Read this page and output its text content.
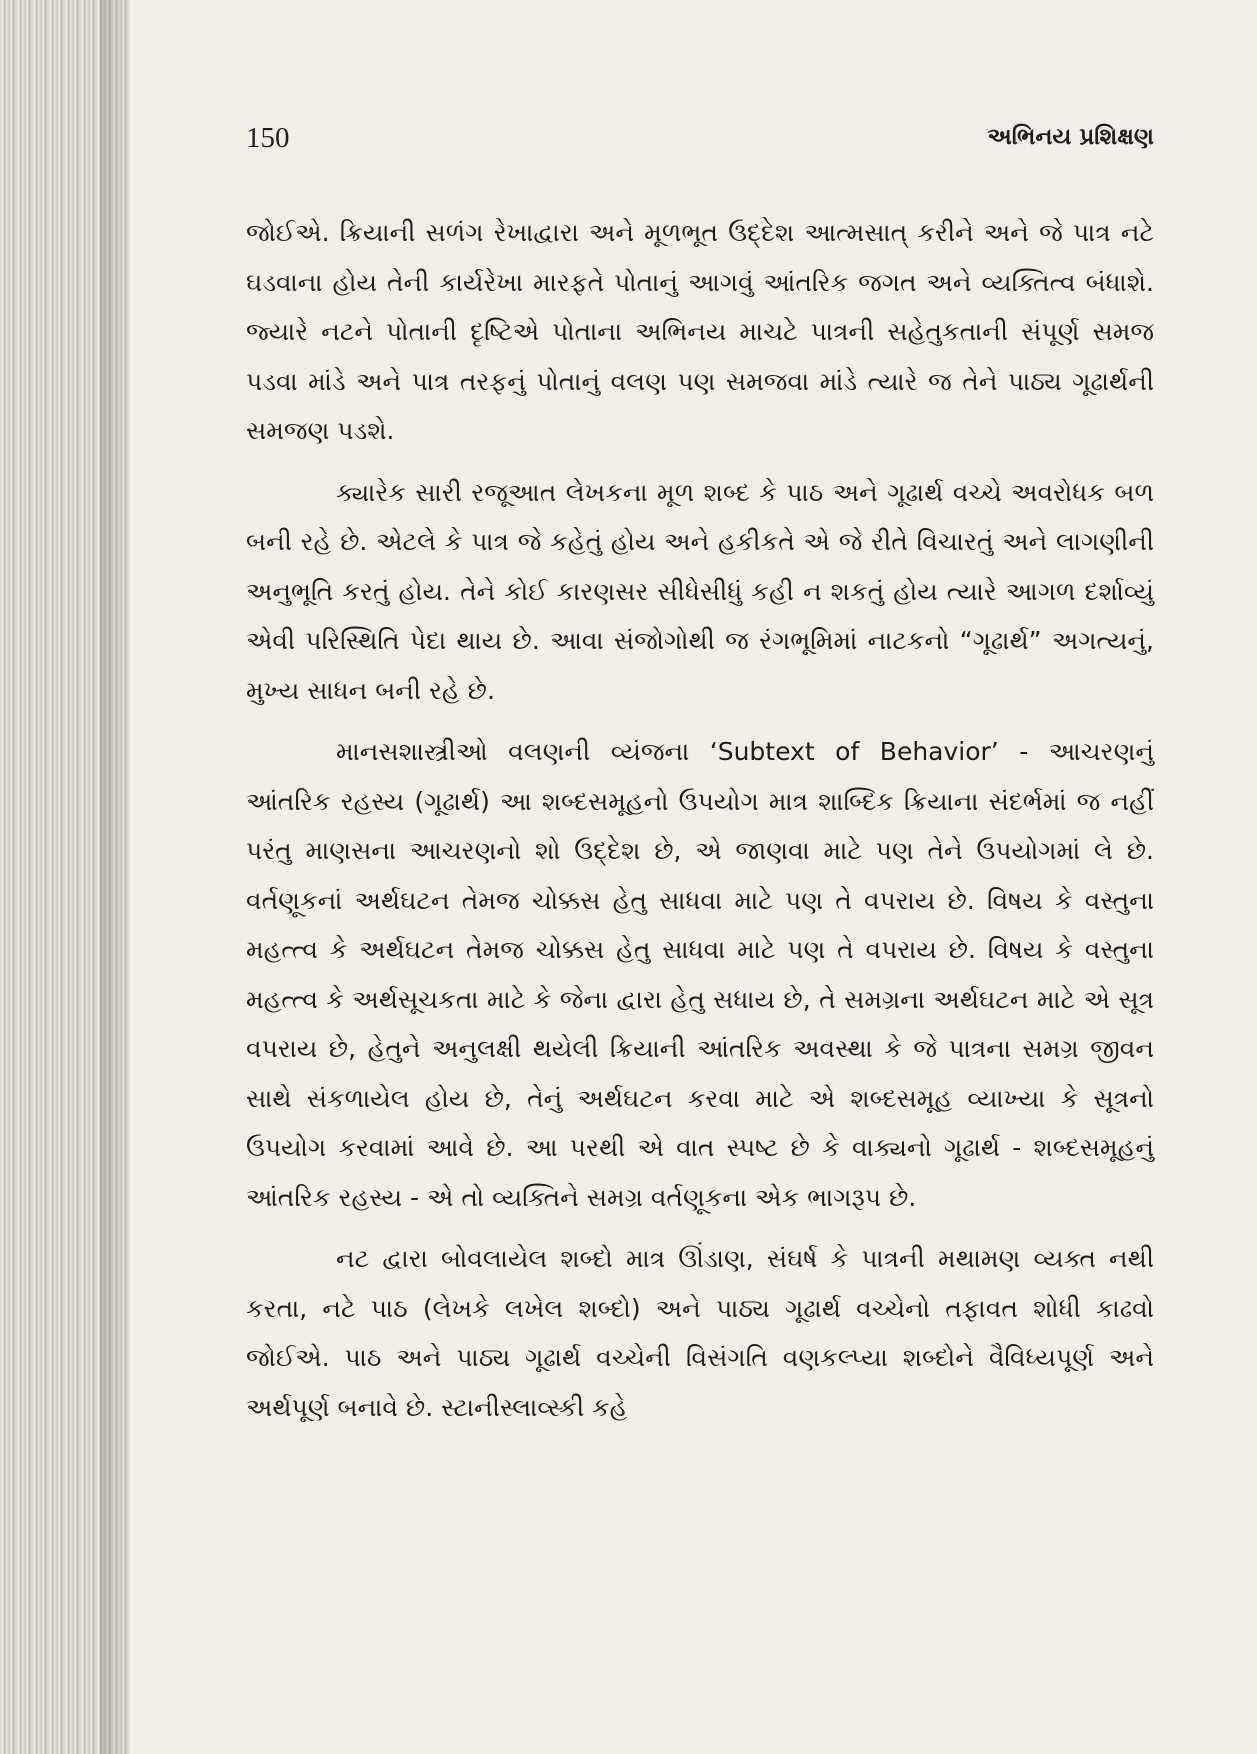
150	અભિનય પ્રશિક્ષણ

જોઈએ. ક્રિયાની સળંગ રેખાદ્વારા અને મૂળભૂત ઉદ્દેશ આત્મસાત્ કરીને અને જે પાત્ર નટે ઘડવાના હોય તેની કાર્યરેખા મારફતે પોતાનું આગવું આંતરિક જગત અને વ્યક્તિત્વ બંધાશે. જ્યારે નટને પોતાની દૃષ્ટિએ પોતાના અભિનય માચટે પાત્રની સહેતુકતાની સંપૂર્ણ સમજ પડવા માંડે અને પાત્ર તરફનું પોતાનું વલણ પણ સમજવા માંડે ત્યારે જ તેને પાઠ્ય ગૂઢાર્થની સમજણ પડશે.

ક્યારેક સારી રજૂઆત લેખકના મૂળ શબ્દ કે પાઠ અને ગૂઢાર્થ વચ્ચે અવરોધક બળ બની રહે છે. એટલે કે પાત્ર જે કહેતું હોય અને હકીકતે એ જે રીતે વિચારતું અને લાગણીની અનુભૂતિ કરતું હોય. તેને કોઈ કારણસર સીધેસીધું કહી ન શકતું હોય ત્યારે આગળ દર્શાવ્યું એવી પરિસ્થિતિ પેદા થાય છે. આવા સંજોગોથી જ રંગભૂમિમાં નાટકનો “ગૂઢાર્થ” અગત્યનું, મુખ્ય સાધન બની રહે છે.

માનસશાસ્ત્રીઓ વલણની વ્યંજના ‘Subtext of Behavior’ - આચરણનું આંતરિક રહસ્ય (ગૂઢાર્થ) આ શબ્દસમૂહનો ઉપયોગ માત્ર શાબ્દિક ક્રિયાના સંદર્ભમાં જ નહીં પરંતુ માણસના આચરણનો શો ઉદ્દેશ છે, એ જાણવા માટે પણ તેને ઉપયોગમાં લે છે. વર્તણૂકનાં અર્થઘટન તેમજ ચોક્કસ હેતુ સાધવા માટે પણ તે વપરાય છે. વિષય કે વસ્તુના મહત્ત્વ કે અર્થઘટન તેમજ ચોક્કસ હેતુ સાધવા માટે પણ તે વપરાય છે. વિષય કે વસ્તુના મહત્ત્વ કે અર્થસૂચકતા માટે કે જેના દ્વારા હેતુ સધાય છે, તે સમગ્રના અર્થઘટન માટે એ સૂત્ર વપરાય છે, હેતુને અનુલક્ષી થયેલી ક્રિયાની આંતરિક અવસ્થા કે જે પાત્રના સમગ્ર જીવન સાથે સંકળાયેલ હોય છે, તેનું અર્થઘટન કરવા માટે એ શબ્દસમૂહ વ્યાખ્યા કે સૂત્રનો ઉપયોગ કરવામાં આવે છે. આ પરથી એ વાત સ્પષ્ટ છે કે વાક્યનો ગૂઢાર્થ - શબ્દસમૂહનું આંતરિક રહસ્ય - એ તો વ્યક્તિને સમગ્ર વર્તણૂકના એક ભાગરૂપ છે.

નટ દ્વારા બોવલાયેલ શબ્દો માત્ર ઊંડાણ, સંઘર્ષ કે પાત્રની મથામણ વ્યક્ત નથી કરતા, નટે પાઠ (લેખકે લખેલ શબ્દો) અને પાઠ્ય ગૂઢાર્થ વચ્ચેનો તફાવત શોધી કાઢવો જોઈએ. પાઠ અને પાઠ્ય ગૂઢાર્થ વચ્ચેની વિસંગતિ વણકલ્પ્યા શબ્દોને વૈવિધ્યપૂર્ણ અને અર્થપૂર્ણ બનાવે છે. સ્ટાનીસ્લાવ્સ્કી કહે
